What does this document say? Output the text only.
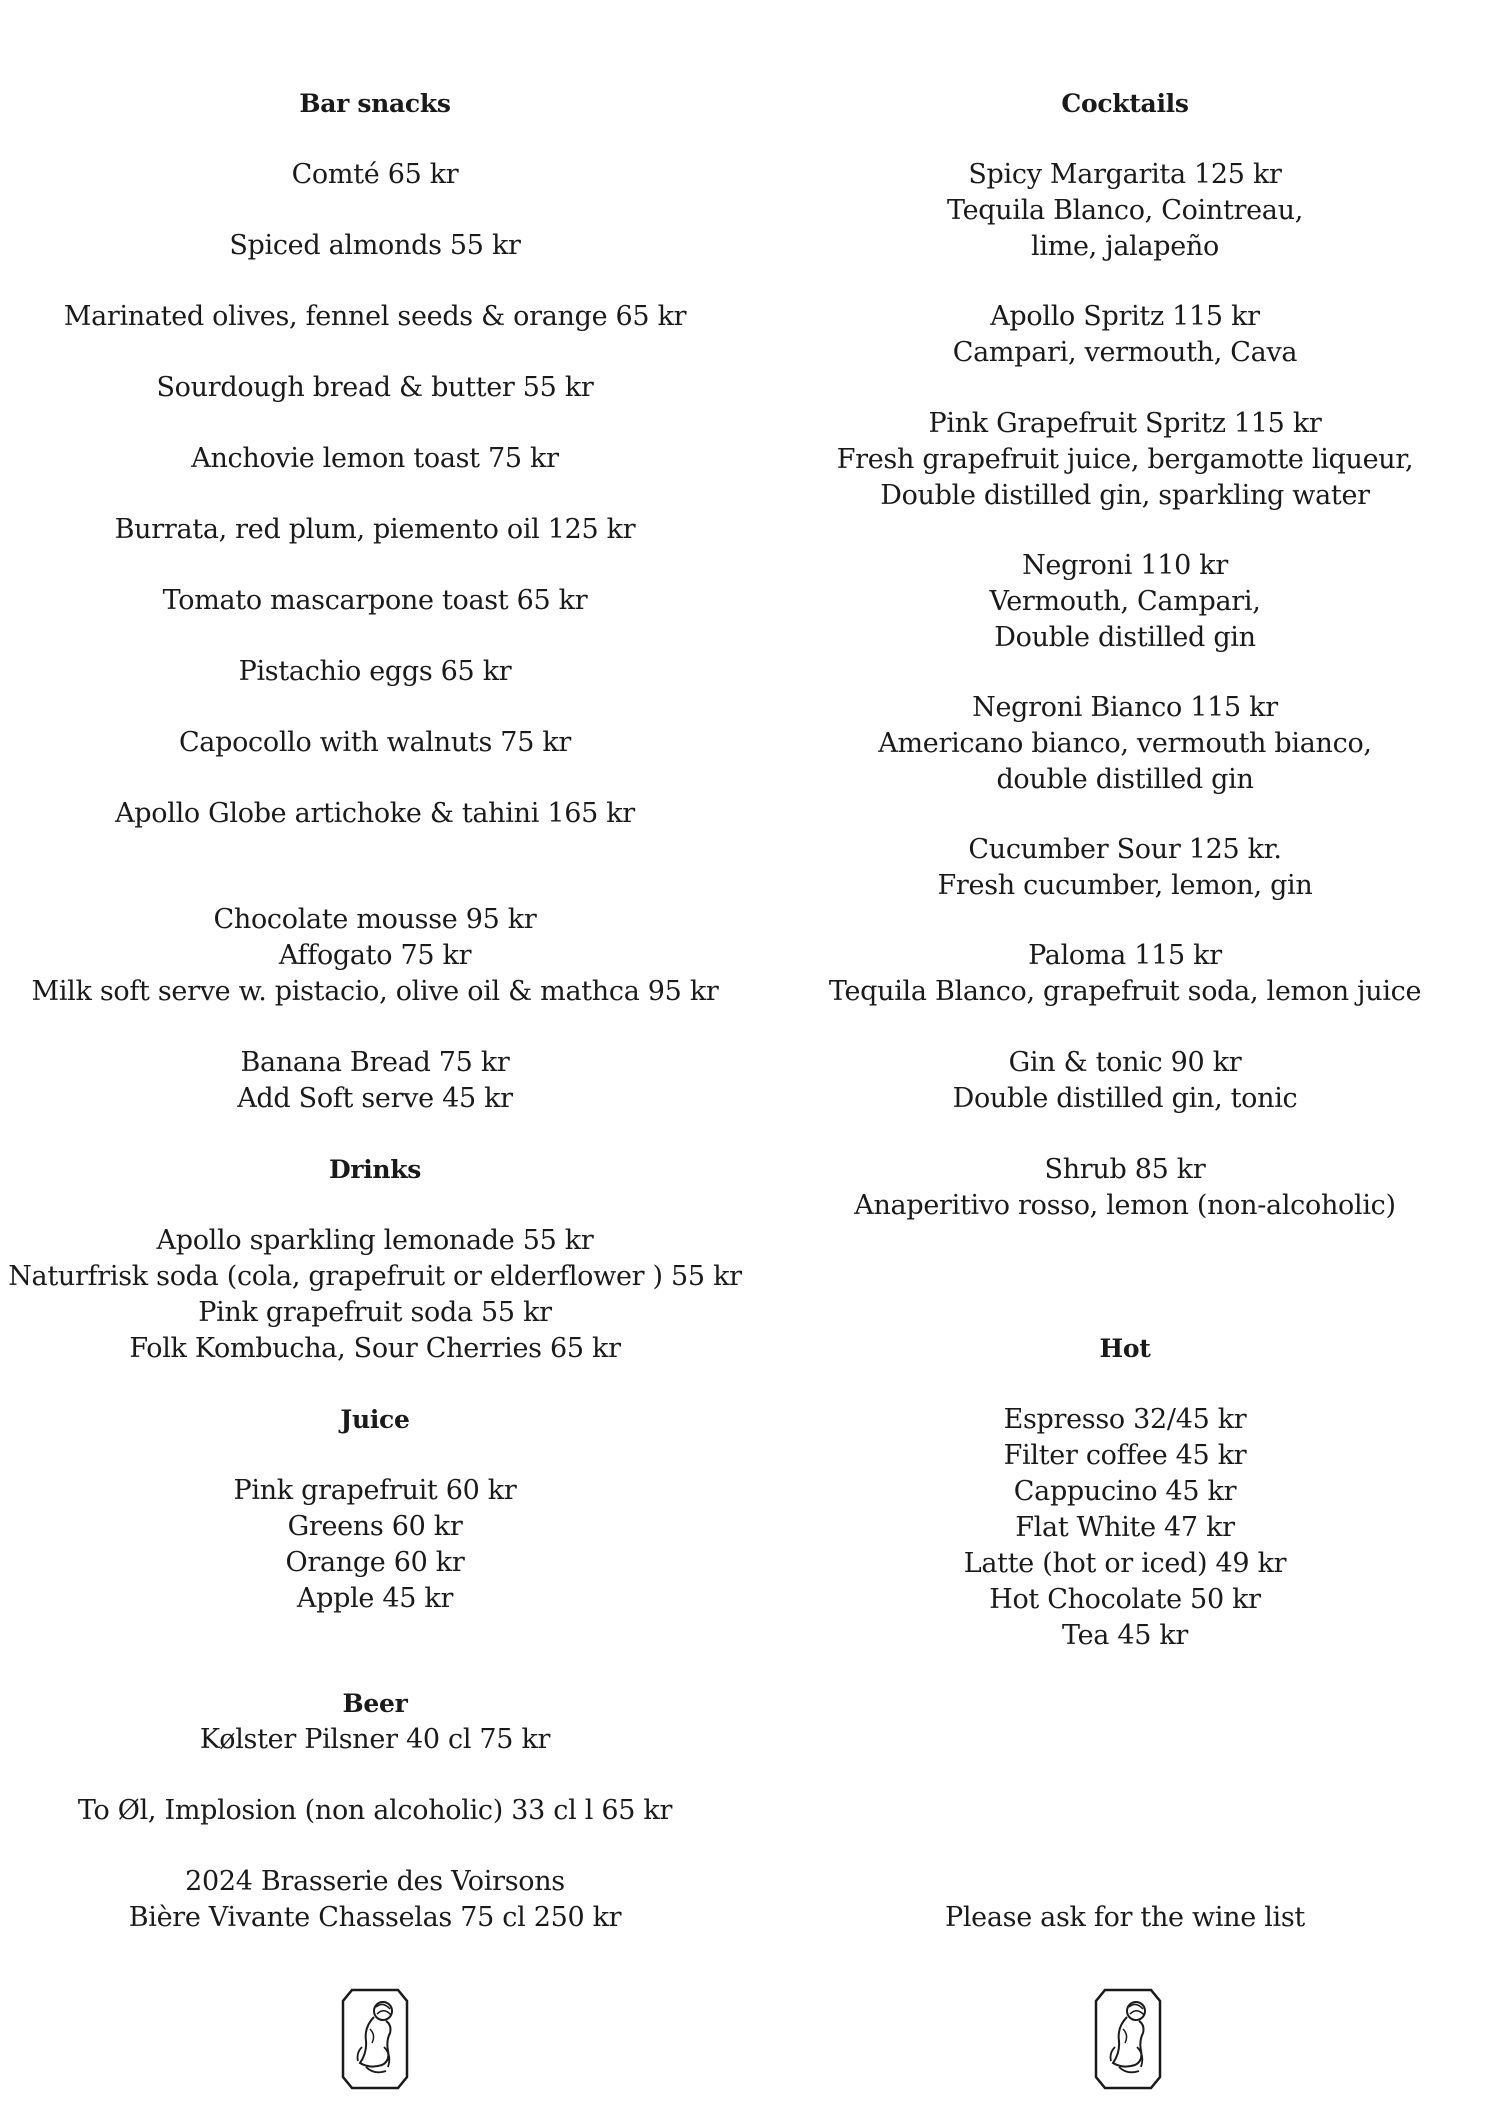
Bar snacks
Comté 65 kr
Spiced almonds 55 kr
Marinated olives, fennel seeds & orange 65 kr
Sourdough bread & butter 55 kr
Anchovie lemon toast 75 kr
Burrata, red plum, piemento oil 125 kr
Tomato mascarpone toast 65 kr
Pistachio eggs 65 kr
Capocollo with walnuts 75 kr
Apollo Globe artichoke & tahini 165 kr
Chocolate mousse 95 kr
Affogato 75 kr
Milk soft serve w. pistacio, olive oil & mathca 95 kr
Banana Bread 75 kr
Add Soft serve 45 kr
Drinks
Apollo sparkling lemonade 55 kr
Naturfrisk soda (cola, grapefruit or elderflower ) 55 kr
Pink grapefruit soda 55 kr
Folk Kombucha, Sour Cherries 65 kr
Juice
Pink grapefruit 60 kr
Greens 60 kr
Orange 60 kr
Apple 45 kr
Beer
Kølster Pilsner 40 cl 75 kr
To Øl, Implosion (non alcoholic) 33 cl l 65 kr
2024 Brasserie des Voirsons
Bière Vivante Chasselas 75 cl 250 kr
Cocktails
Spicy Margarita 125 kr
Tequila Blanco, Cointreau,
lime, jalapeño
Apollo Spritz 115 kr
Campari, vermouth, Cava
Pink Grapefruit Spritz 115 kr
Fresh grapefruit juice, bergamotte liqueur,
Double distilled gin, sparkling water
Negroni 110 kr
Vermouth, Campari,
Double distilled gin
Negroni Bianco 115 kr
Americano bianco, vermouth bianco,
double distilled gin
Cucumber Sour 125 kr.
Fresh cucumber, lemon, gin
Paloma 115 kr
Tequila Blanco, grapefruit soda, lemon juice
Gin & tonic 90 kr
Double distilled gin, tonic
Shrub 85 kr
Anaperitivo rosso, lemon (non-alcoholic)
Hot
Espresso 32/45 kr
Filter coffee 45 kr
Cappucino 45 kr
Flat White 47 kr
Latte (hot or iced) 49 kr
Hot Chocolate 50 kr
Tea 45 kr
Please ask for the wine list
